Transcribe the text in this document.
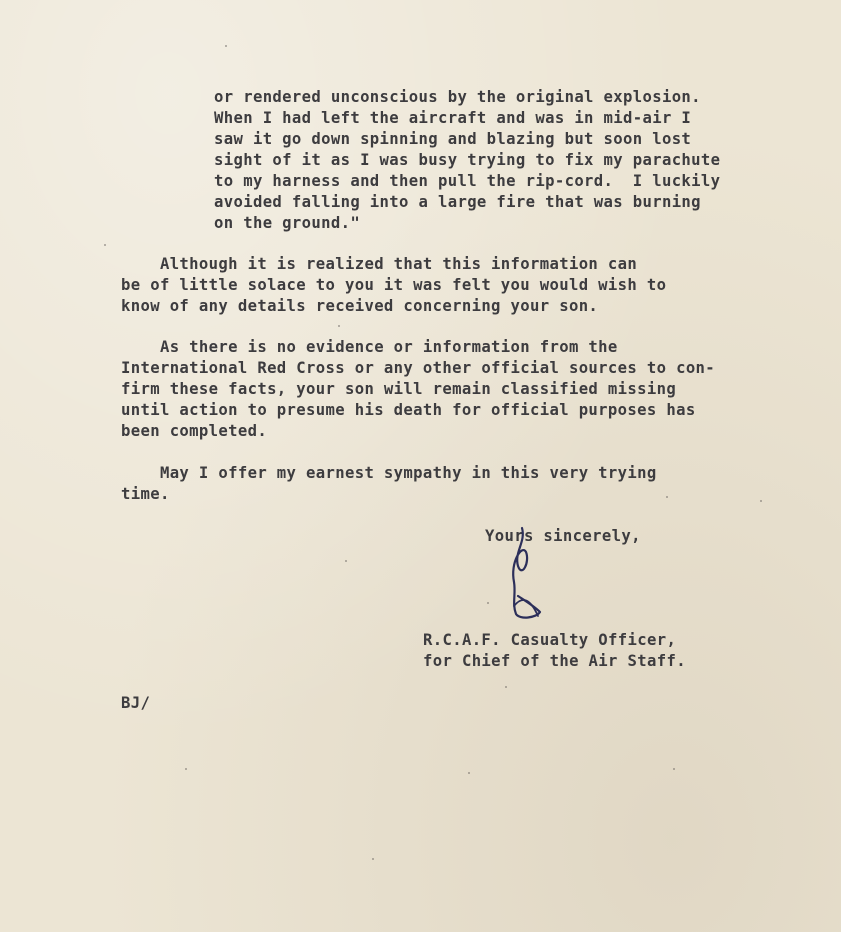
or rendered unconscious by the original explosion.
When I had left the aircraft and was in mid-air I
saw it go down spinning and blazing but soon lost
sight of it as I was busy trying to fix my parachute
to my harness and then pull the rip-cord.  I luckily
avoided falling into a large fire that was burning
on the ground."
Although it is realized that this information can
be of little solace to you it was felt you would wish to
know of any details received concerning your son.
As there is no evidence or information from the
International Red Cross or any other official sources to con-
firm these facts, your son will remain classified missing
until action to presume his death for official purposes has
been completed.
May I offer my earnest sympathy in this very trying
time.
Yours sincerely,
R.C.A.F. Casualty Officer,
for Chief of the Air Staff.
BJ/
